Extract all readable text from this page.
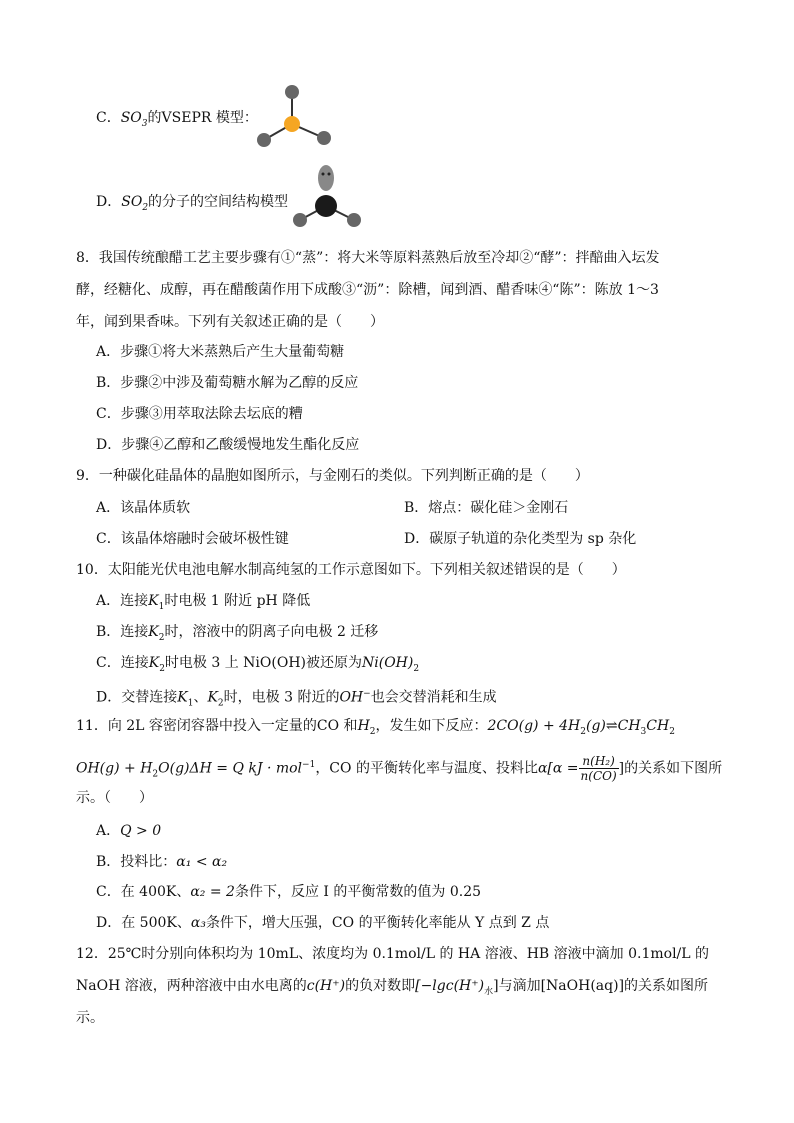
C．$SO_3$的VSEPR 模型：
D．$SO_2$的分子的空间结构模型
8．我国传统酿醋工艺主要步骤有①“蒸”：将大米等原料蒸熟后放至冷却②“酵”：拌醅曲入坛发
酵，经糖化、成醇，再在醋酸菌作用下成酸③“沥”：除槽，闻到酒、醋香味④“陈”：陈放 1～3
年，闻到果香味。下列有关叙述正确的是（　　）
A．步骤①将大米蒸熟后产生大量葡萄糖
B．步骤②中涉及葡萄糖水解为乙醇的反应
C．步骤③用萃取法除去坛底的糟
D．步骤④乙醇和乙酸缓慢地发生酯化反应
9．一种碳化硅晶体的晶胞如图所示，与金刚石的类似。下列判断正确的是（　　）
A．该晶体质软	B．熔点：碳化硅＞金刚石
C．该晶体熔融时会破坏极性键	D．碳原子轨道的杂化类型为 sp 杂化
10．太阳能光伏电池电解水制高纯氢的工作示意图如下。下列相关叙述错误的是（　　）
A．连接$K_1$时电极 1 附近 pH 降低
B．连接$K_2$时，溶液中的阴离子向电极 2 迁移
C．连接$K_2$时电极 3 上 NiO(OH)被还原为$Ni(OH)_2$
D．交替连接$K_1$、$K_2$时，电极 3 附近的OH−也会交替消耗和生成
11．向 2L 容密闭容器中投入一定量的CO 和$H_2$，发生如下反应：$2CO(g) + 4H_2(g)\rightleftharpoons CH_3CH_2$
$OH(g) + H_2O(g)\Delta H = Q$ kJ · mol$^{-1}$，CO 的平衡转化率与温度、投料比$\alpha[\alpha = \frac{\text{n(H₂)}}{n(CO)}$ ]的关系如下图所
示。（　　）
A．Q > 0
B．投料比：α₁ < α₂
C．在 400K、α₂ = 2条件下，反应 I 的平衡常数的值为 0.25
D．在 500K、α₃条件下，增大压强，CO 的平衡转化率能从 Y 点到 Z 点
12．25℃时分别向体积均为 10mL、浓度均为 0.1mol/L 的 HA 溶液、HB 溶液中滴加 0.1mol/L 的
NaOH 溶液，两种溶液中由水电离的c(H⁺)的负对数即$[-\lg c(H^+)_水]$与滴加[NaOH(aq)]的关系如图所
示。
